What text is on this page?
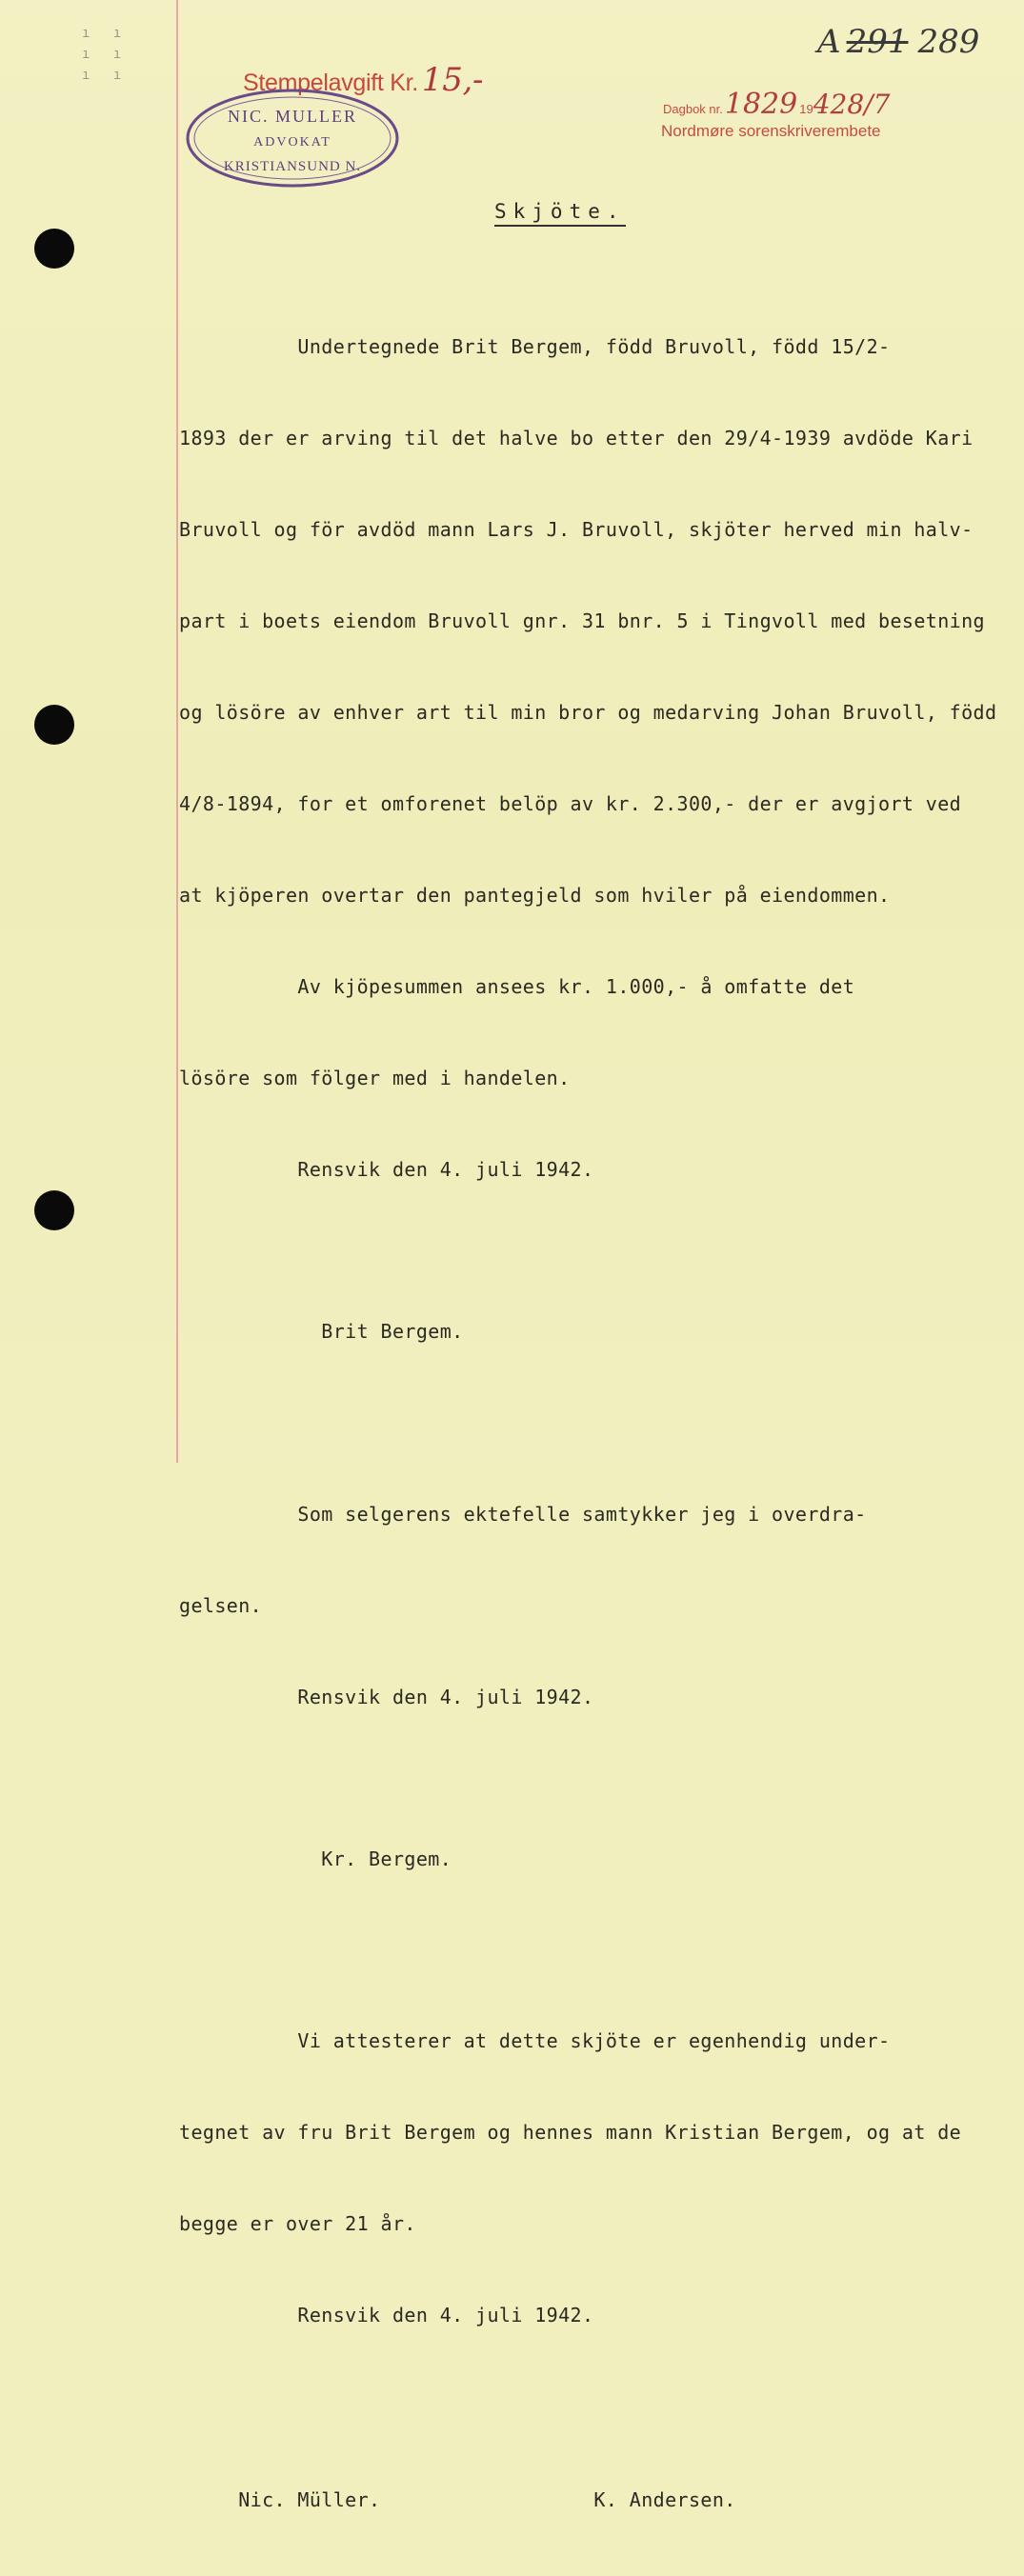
ı ı
ı ı
ı ı
A 291 289
Stempelavgift Kr. 15,-
NIC. MULLER
ADVOKAT
KRISTIANSUND N.
Dagbok nr.1829 19428/7
Nordmøre sorenskriverembete
Skjöte.

Undertegnede Brit Bergem, född Bruvoll, född 15/2-

1893 der er arving til det halve bo etter den 29/4-1939 avdöde Kari

Bruvoll og för avdöd mann Lars J. Bruvoll, skjöter herved min halv-

part i boets eiendom Bruvoll gnr. 31 bnr. 5 i Tingvoll med besetning

og lösöre av enhver art til min bror og medarving Johan Bruvoll, född

4/8-1894, for et omforenet belöp av kr. 2.300,- der er avgjort ved

at kjöperen overtar den pantegjeld som hviler på eiendommen.

Av kjöpesummen ansees kr. 1.000,- å omfatte det

lösöre som fölger med i handelen.

Rensvik den 4. juli 1942.

Brit Bergem.

Som selgerens ektefelle samtykker jeg i overdra-

gelsen.

Rensvik den 4. juli 1942.

Kr. Bergem.

Vi attesterer at dette skjöte er egenhendig under-

tegnet av fru Brit Bergem og hennes mann Kristian Bergem, og at de

begge er over 21 år.

Rensvik den 4. juli 1942.

Nic. Müller.                  K. Andersen.
